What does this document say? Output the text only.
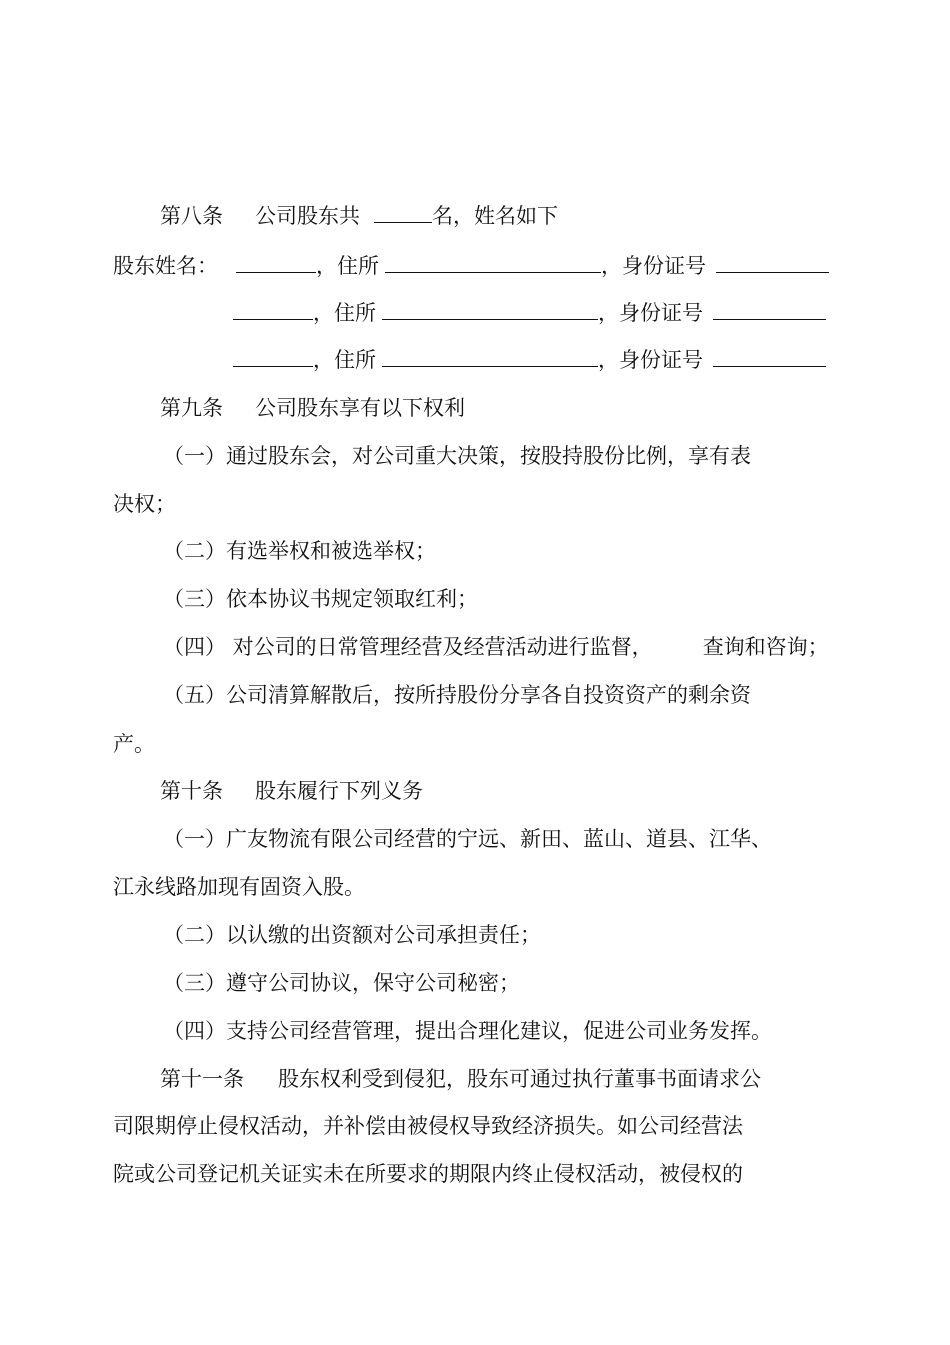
第八条 公司股东共	名，姓名如下
股东姓名：	，住所	，身份证号
，住所	，身份证号
，住所	，身份证号
第九条 公司股东享有以下权利
（一）通过股东会，对公司重大决策，按股持股份比例，享有表
决权；
（二）有选举权和被选举权；
（三）依本协议书规定领取红利；
（四） 对公司的日常管理经营及经营活动进行监督， 查询和咨询；
（五）公司清算解散后，按所持股份分享各自投资资产的剩余资
产。
第十条 股东履行下列义务
（一）广友物流有限公司经营的宁远、新田、蓝山、道县、江华、
江永线路加现有固资入股。
（二）以认缴的出资额对公司承担责任；
（三）遵守公司协议，保守公司秘密；
（四）支持公司经营管理，提出合理化建议，促进公司业务发挥。
第十一条 股东权利受到侵犯，股东可通过执行董事书面请求公
司限期停止侵权活动，并补偿由被侵权导致经济损失。如公司经营法
院或公司登记机关证实未在所要求的期限内终止侵权活动，被侵权的
